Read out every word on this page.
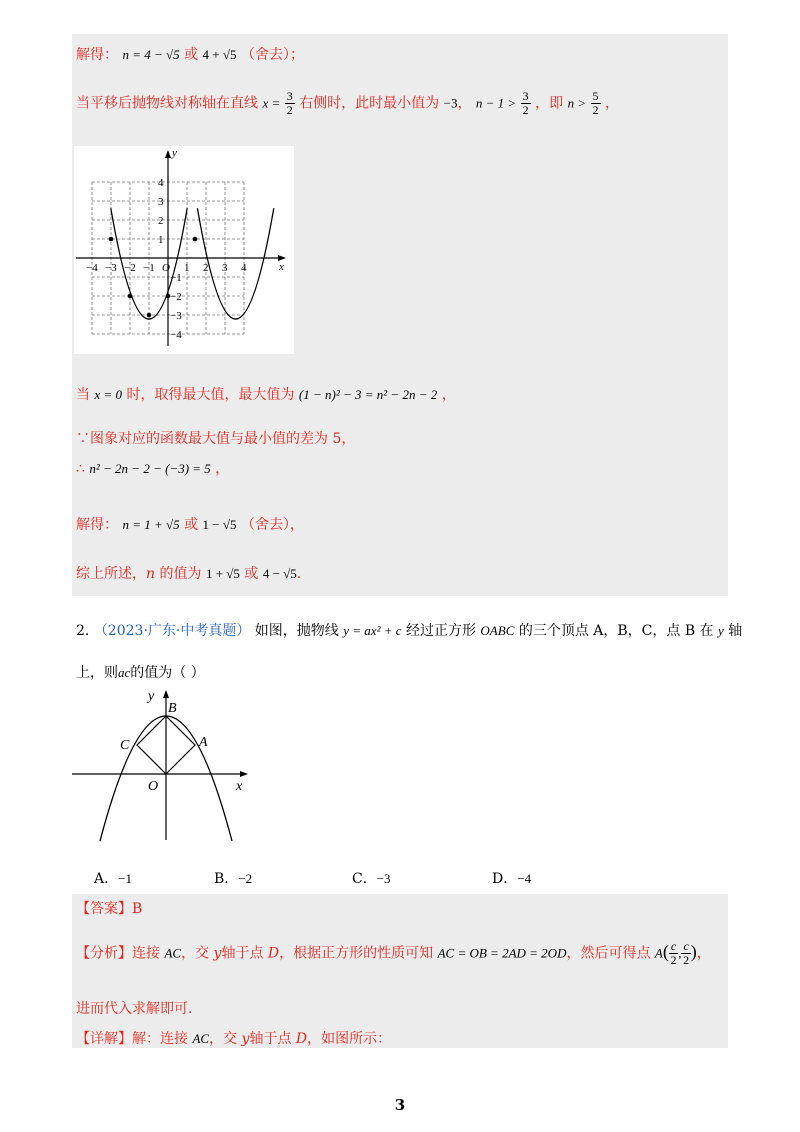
解得： n = 4 − √5 或 4 + √5 （舍去）；
当平移后抛物线对称轴在直线 $x = \frac{3}{2}$ 右侧时，此时最小值为 −3， $n - 1 > \frac{3}{2}$ ，即 $n > \frac{5}{2}$ ，
x
y
−4 −3 −2 −1 O 1 2 3 4
4
3
2
1
−1
−2
−3
−4
当 x = 0 时，取得最大值，最大值为 (1 − n)² − 3 = n² − 2n − 2 ，
∵图象对应的函数最大值与最小值的差为 5，
∴ n² − 2n − 2 − (−3) = 5 ，
解得： n = 1 + √5 或 1 − √5 （舍去），
综上所述，n 的值为 1 + √5 或 4 − √5.
2. （2023·广东·中考真题） 如图，抛物线 y = ax² + c 经过正方形 OABC 的三个顶点 A，B，C，点 B 在 y 轴
上，则ac的值为（ ）
y
x
B
C	A
O
A．−1	B．−2	C．−3	D．−4
【答案】B
【分析】连接 AC，交 y轴于点 D，根据正方形的性质可知 AC = OB = 2AD = 2OD，然后可得点 $A( \frac{c}{2}$ , $\frac{c}{2}$ )，
进而代入求解即可.
【详解】解：连接 AC，交 y轴于点 D，如图所示：
3
